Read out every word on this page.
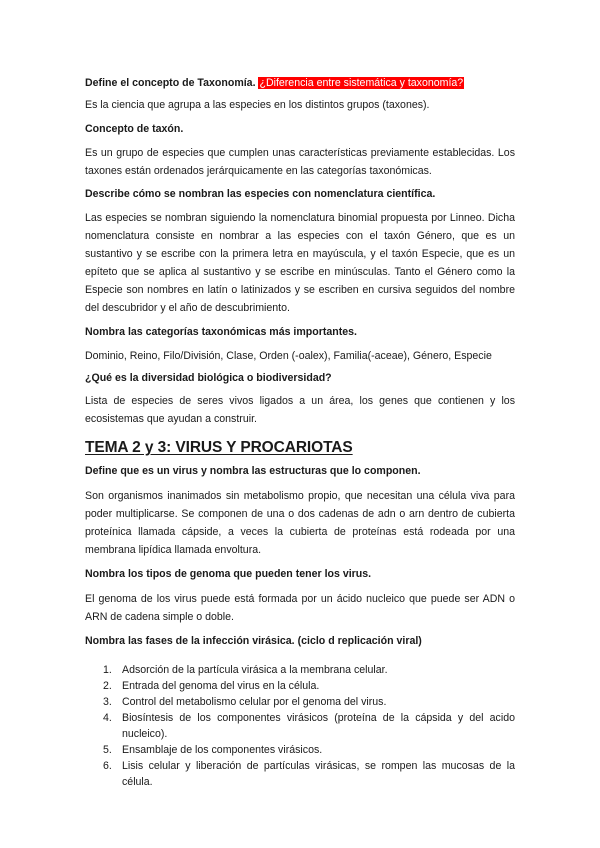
Define el concepto de Taxonomía. ¿Diferencia entre sistemática y taxonomía?

Es la ciencia que agrupa a las especies en los distintos grupos (taxones).

Concepto de taxón.

Es un grupo de especies que cumplen unas características previamente establecidas. Los taxones están ordenados jerárquicamente en las categorías taxonómicas.

Describe cómo se nombran las especies con nomenclatura científica.

Las especies se nombran siguiendo la nomenclatura binomial propuesta por Linneo. Dicha nomenclatura consiste en nombrar a las especies con el taxón Género, que es un sustantivo y se escribe con la primera letra en mayúscula, y el taxón Especie, que es un epíteto que se aplica al sustantivo y se escribe en minúsculas. Tanto el Género como la Especie son nombres en latín o latinizados y se escriben en cursiva seguidos del nombre del descubridor y el año de descubrimiento.

Nombra las categorías taxonómicas más importantes.

Dominio, Reino, Filo/División, Clase, Orden (-oalex), Familia(-aceae), Género, Especie

¿Qué es la diversidad biológica o biodiversidad?

Lista de especies de seres vivos ligados a un área, los genes que contienen y los ecosistemas que ayudan a construir.

TEMA 2 y 3: VIRUS Y PROCARIOTAS

Define que es un virus y nombra las estructuras que lo componen.

Son organismos inanimados sin metabolismo propio, que necesitan una célula viva para poder multiplicarse. Se componen de una o dos cadenas de adn o arn dentro de cubierta proteínica llamada cápside, a veces la cubierta de proteínas está rodeada por una membrana lipídica llamada envoltura.

Nombra los tipos de genoma que pueden tener los virus.

El genoma de los virus puede está formada por un ácido nucleico que puede ser ADN o ARN de cadena simple o doble.

Nombra las fases de la infección virásica. (ciclo d replicación viral)

1. Adsorción de la partícula virásica a la membrana celular.
2. Entrada del genoma del virus en la célula.
3. Control del metabolismo celular por el genoma del virus.
4. Biosíntesis de los componentes virásicos (proteína de la cápsida y del acido nucleico).
5. Ensamblaje de los componentes virásicos.
6. Lisis celular y liberación de partículas virásicas, se rompen las mucosas de la célula.
